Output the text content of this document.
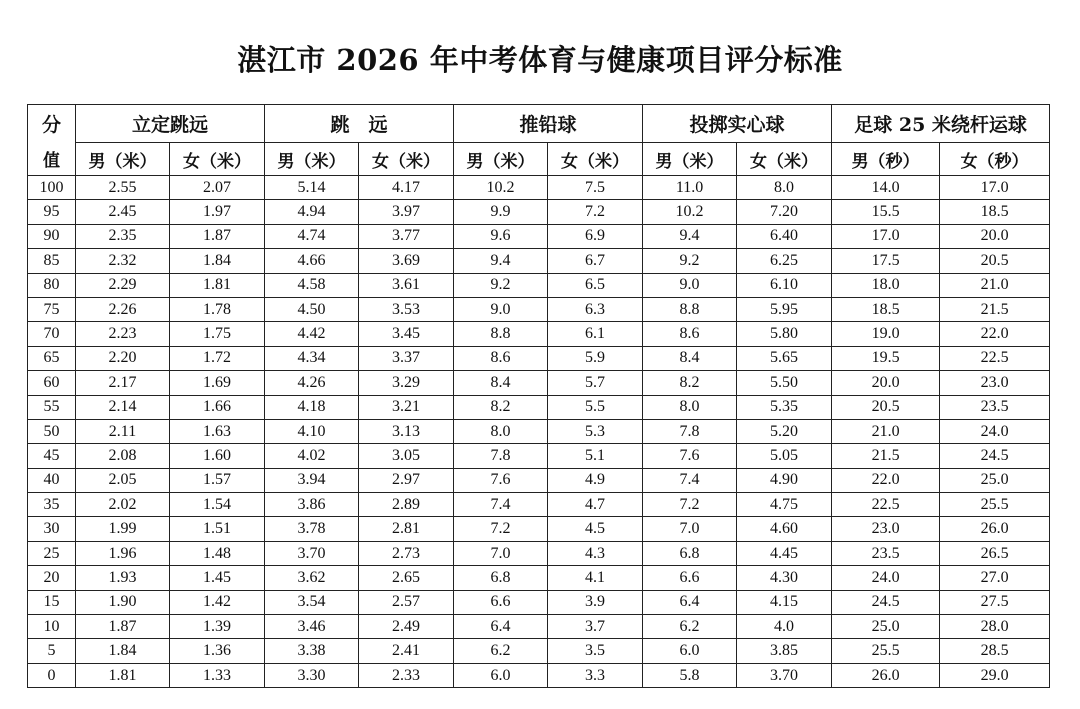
湛江市 2026 年中考体育与健康项目评分标准
分	立定跳远		跳　远		推铅球		投掷实心球		足球 25 米绕杆运球	
值	男（米）	女（米）	男（米）	女（米）	男（米）	女（米）	男（米）	女（米）	男（秒）	女（秒）
100	2.55	2.07	5.14	4.17	10.2	7.5	11.0	8.0	14.0	17.0
95	2.45	1.97	4.94	3.97	9.9	7.2	10.2	7.20	15.5	18.5
90	2.35	1.87	4.74	3.77	9.6	6.9	9.4	6.40	17.0	20.0
85	2.32	1.84	4.66	3.69	9.4	6.7	9.2	6.25	17.5	20.5
80	2.29	1.81	4.58	3.61	9.2	6.5	9.0	6.10	18.0	21.0
75	2.26	1.78	4.50	3.53	9.0	6.3	8.8	5.95	18.5	21.5
70	2.23	1.75	4.42	3.45	8.8	6.1	8.6	5.80	19.0	22.0
65	2.20	1.72	4.34	3.37	8.6	5.9	8.4	5.65	19.5	22.5
60	2.17	1.69	4.26	3.29	8.4	5.7	8.2	5.50	20.0	23.0
55	2.14	1.66	4.18	3.21	8.2	5.5	8.0	5.35	20.5	23.5
50	2.11	1.63	4.10	3.13	8.0	5.3	7.8	5.20	21.0	24.0
45	2.08	1.60	4.02	3.05	7.8	5.1	7.6	5.05	21.5	24.5
40	2.05	1.57	3.94	2.97	7.6	4.9	7.4	4.90	22.0	25.0
35	2.02	1.54	3.86	2.89	7.4	4.7	7.2	4.75	22.5	25.5
30	1.99	1.51	3.78	2.81	7.2	4.5	7.0	4.60	23.0	26.0
25	1.96	1.48	3.70	2.73	7.0	4.3	6.8	4.45	23.5	26.5
20	1.93	1.45	3.62	2.65	6.8	4.1	6.6	4.30	24.0	27.0
15	1.90	1.42	3.54	2.57	6.6	3.9	6.4	4.15	24.5	27.5
10	1.87	1.39	3.46	2.49	6.4	3.7	6.2	4.0	25.0	28.0
5	1.84	1.36	3.38	2.41	6.2	3.5	6.0	3.85	25.5	28.5
0	1.81	1.33	3.30	2.33	6.0	3.3	5.8	3.70	26.0	29.0
